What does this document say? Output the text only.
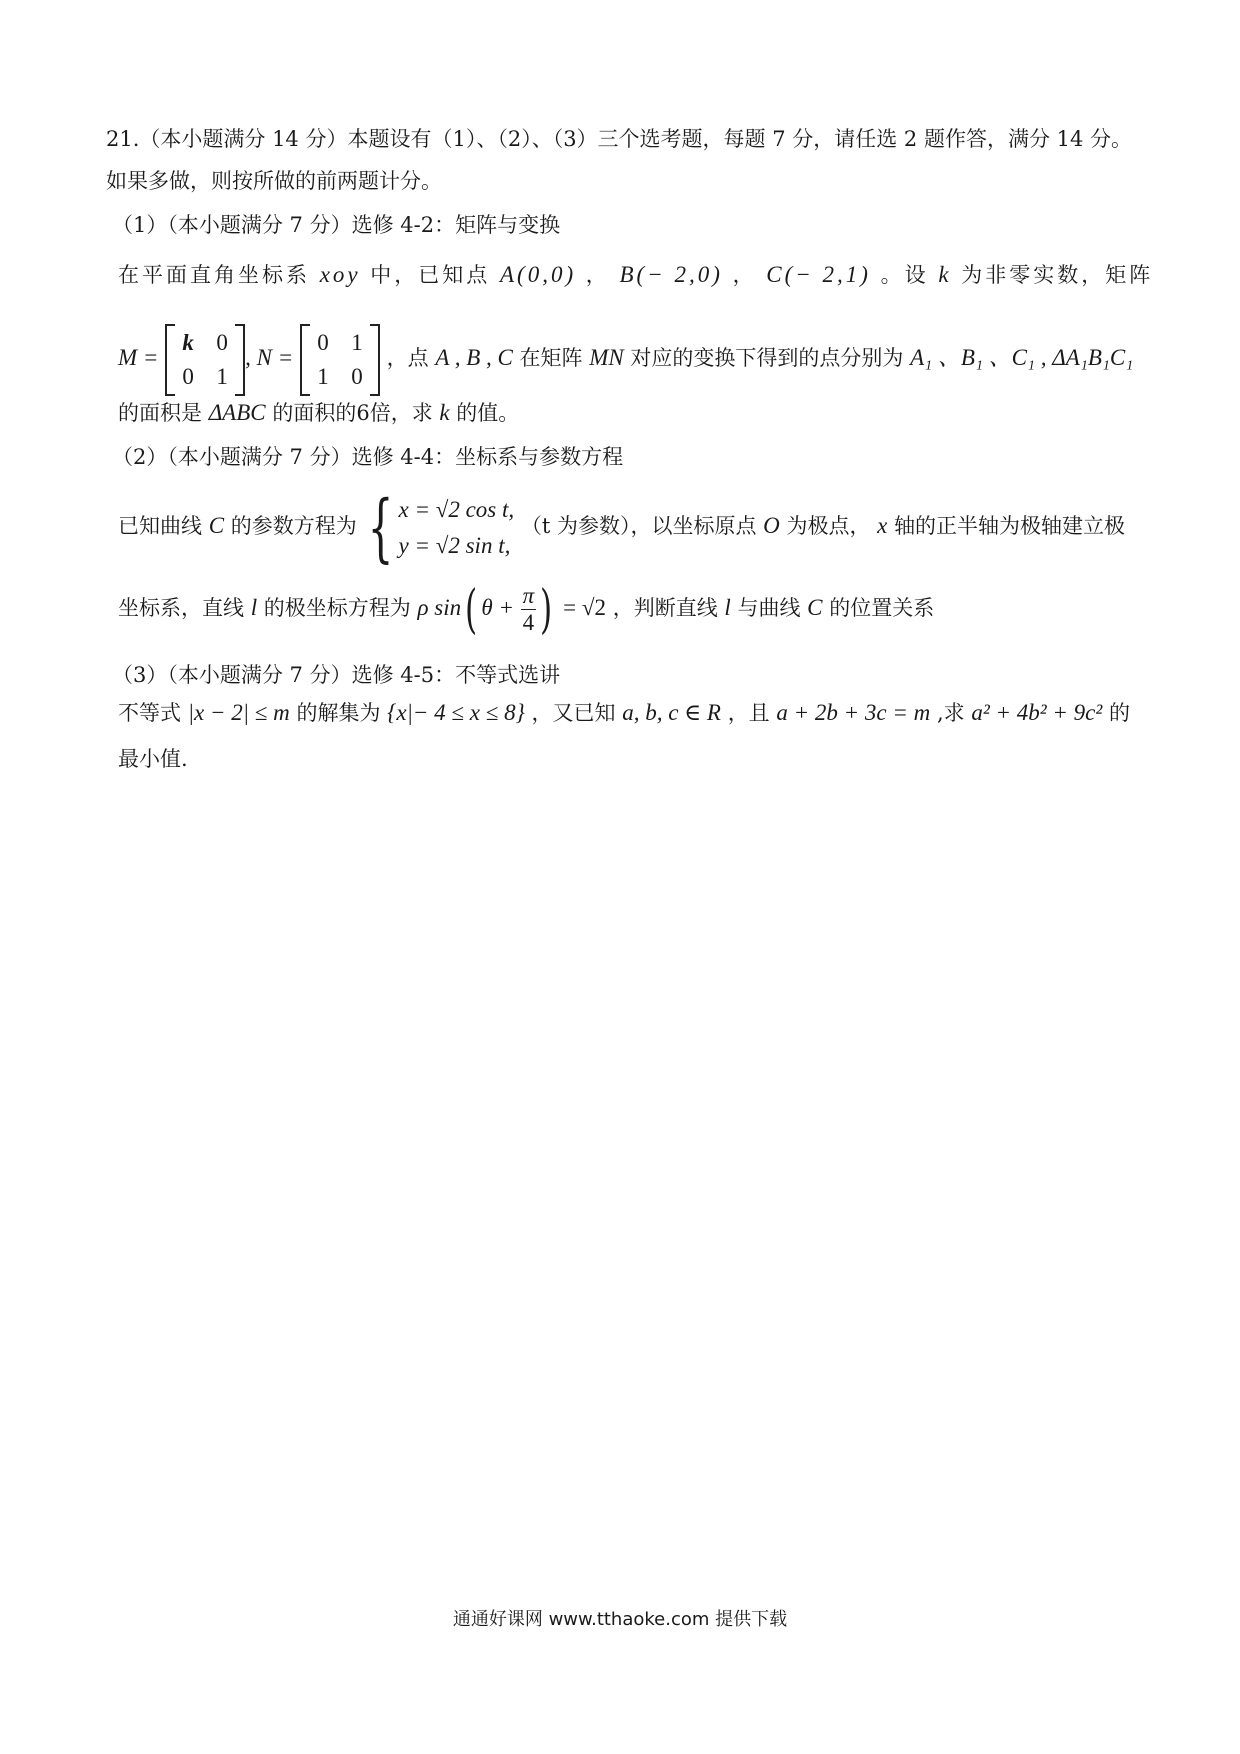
21.（本小题满分 14 分）本题设有（1）、（2）、（3）三个选考题，每题 7 分，请任选 2 题作答，满分 14 分。
如果多做，则按所做的前两题计分。
（1）（本小题满分 7 分）选修 4-2：矩阵与变换
在平面直角坐标系 xoy 中，已知点 A(0,0) ， B(− 2,0) ， C(− 2,1) 。设 k 为非零实数，矩阵
M =
k 0
0 1
, N =
0 1
1 0
，点 A , B , C 在矩阵 MN 对应的变换下得到的点分别为 A₁ 、B₁ 、C₁ , ΔA₁B₁C₁
的面积是 ΔABC 的面积的6倍，求 k 的值。
（2）（本小题满分 7 分）选修 4-4：坐标系与参数方程
已知曲线 C 的参数方程为 { x = √2 cos t,
y = √2 sin t,
（t 为参数），以坐标原点 O 为极点， x 轴的正半轴为极轴建立极
坐标系，直线 l 的极坐标方程为 ρ sin( $\theta + \frac{\pi}{4}$ ) = √2 ，判断直线 l 与曲线 C 的位置关系
（3）（本小题满分 7 分）选修 4-5：不等式选讲
不等式 |x − 2| ≤ m 的解集为 {x|− 4 ≤ x ≤ 8} ，又已知 a, b, c ∈ R ，且 a + 2b + 3c = m ,求 a² + 4b² + 9c² 的
最小值.
通通好课网 www.tthaoke.com 提供下载
